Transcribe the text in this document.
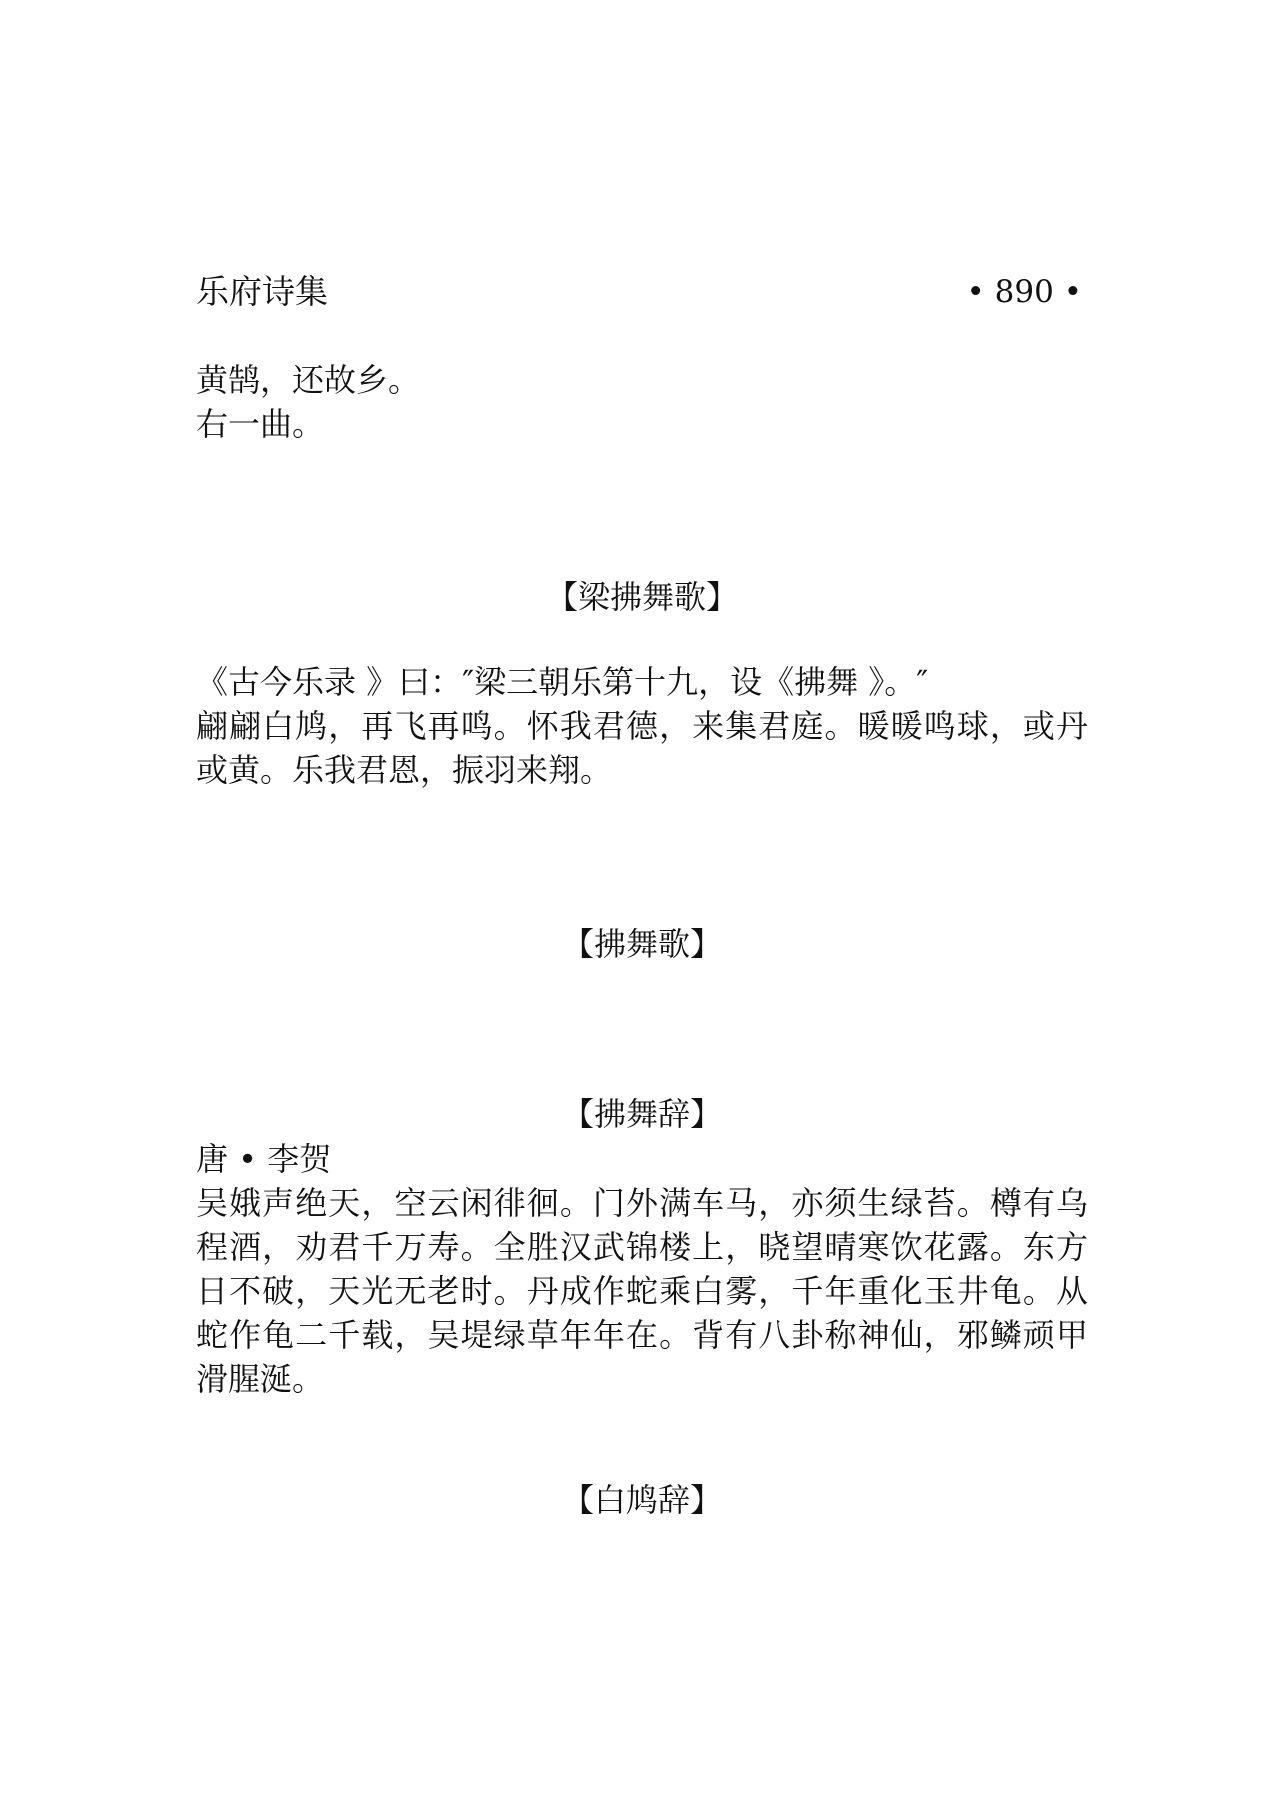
乐府诗集	• 890 •
黄鹄，还故乡。
右一曲。
【梁拂舞歌】
《古今乐录 》曰：″梁三朝乐第十九，设《拂舞 》。″
翩翩白鸠，再飞再鸣。怀我君德，来集君庭。暖暖鸣球，或丹
或黄。乐我君恩，振羽来翔。
【拂舞歌】
【拂舞辞】
唐 • 李贺
吴娥声绝天，空云闲徘徊。门外满车马，亦须生绿苔。樽有乌
程酒，劝君千万寿。全胜汉武锦楼上，晓望晴寒饮花露。东方
日不破，天光无老时。丹成作蛇乘白雾，千年重化玉井龟。从
蛇作龟二千载，吴堤绿草年年在。背有八卦称神仙，邪鳞顽甲
滑腥涎。
【白鸠辞】
